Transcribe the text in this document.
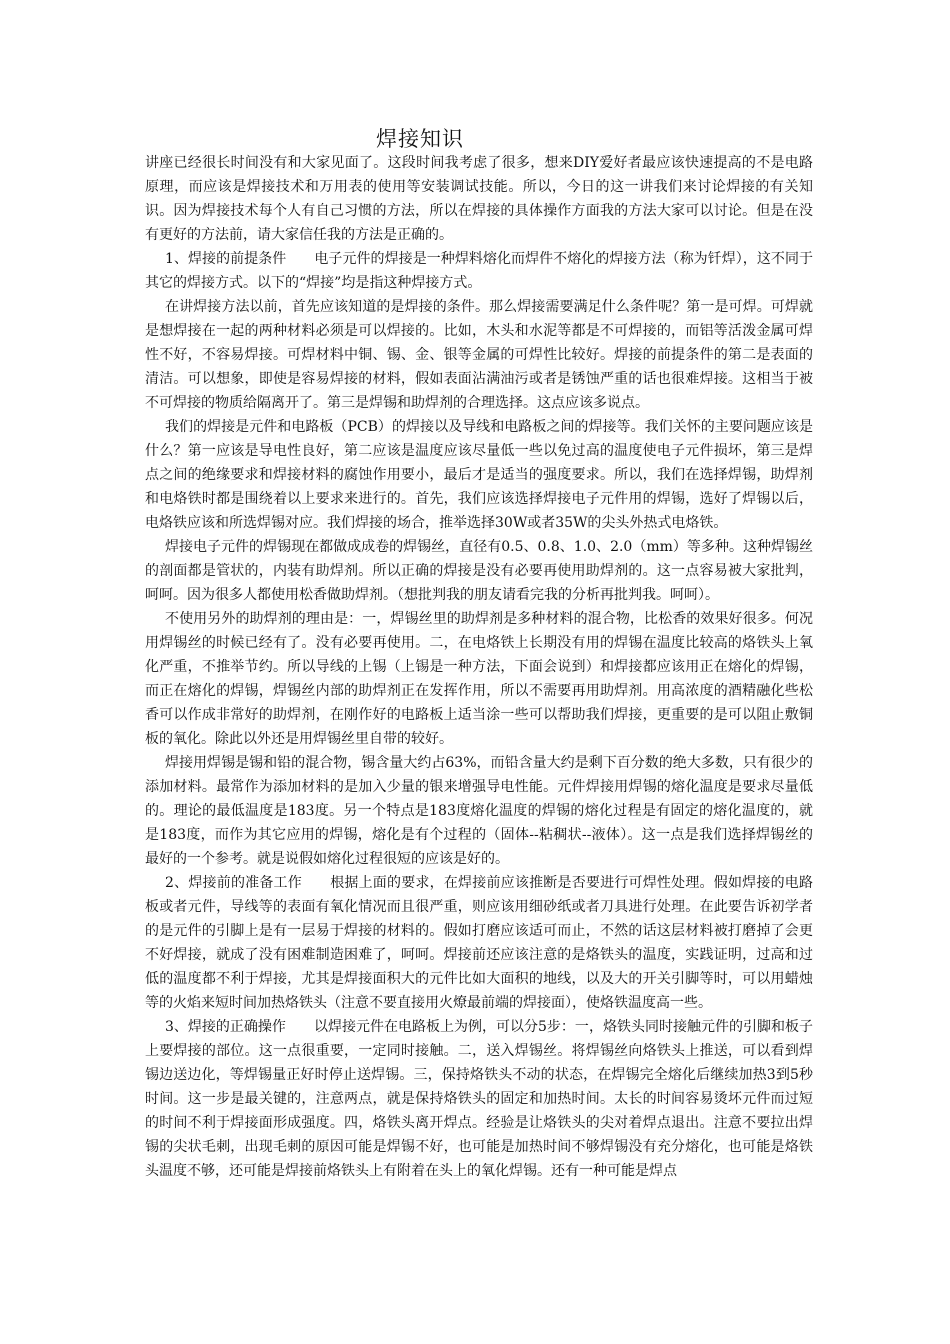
焊接知识

讲座已经很长时间没有和大家见面了。这段时间我考虑了很多，想来DIY爱好者最应该快速提高的不是电路原理，而应该是焊接技术和万用表的使用等安装调试技能。所以，今日的这一讲我们来讨论焊接的有关知识。因为焊接技术每个人有自己习惯的方法，所以在焊接的具体操作方面我的方法大家可以讨论。但是在没有更好的方法前，请大家信任我的方法是正确的。

1、焊接的前提条件 电子元件的焊接是一种焊料熔化而焊件不熔化的焊接方法（称为钎焊），这不同于其它的焊接方式。以下的“焊接”均是指这种焊接方式。

在讲焊接方法以前，首先应该知道的是焊接的条件。那么焊接需要满足什么条件呢？第一是可焊。可焊就是想焊接在一起的两种材料必须是可以焊接的。比如，木头和水泥等都是不可焊接的，而铝等活泼金属可焊性不好，不容易焊接。可焊材料中铜、锡、金、银等金属的可焊性比较好。焊接的前提条件的第二是表面的清洁。可以想象，即使是容易焊接的材料，假如表面沾满油污或者是锈蚀严重的话也很难焊接。这相当于被不可焊接的物质给隔离开了。第三是焊锡和助焊剂的合理选择。这点应该多说点。

我们的焊接是元件和电路板（PCB）的焊接以及导线和电路板之间的焊接等。我们关怀的主要问题应该是什么？第一应该是导电性良好，第二应该是温度应该尽量低一些以免过高的温度使电子元件损坏，第三是焊点之间的绝缘要求和焊接材料的腐蚀作用要小，最后才是适当的强度要求。所以，我们在选择焊锡，助焊剂和电烙铁时都是围绕着以上要求来进行的。首先，我们应该选择焊接电子元件用的焊锡，选好了焊锡以后，电烙铁应该和所选焊锡对应。我们焊接的场合，推举选择30W或者35W的尖头外热式电烙铁。

焊接电子元件的焊锡现在都做成成卷的焊锡丝，直径有0.5、0.8、1.0、2.0（mm）等多种。这种焊锡丝的剖面都是管状的，内装有助焊剂。所以正确的焊接是没有必要再使用助焊剂的。这一点容易被大家批判，呵呵。因为很多人都使用松香做助焊剂。（想批判我的朋友请看完我的分析再批判我。呵呵）。

不使用另外的助焊剂的理由是：一，焊锡丝里的助焊剂是多种材料的混合物，比松香的效果好很多。何况用焊锡丝的时候已经有了。没有必要再使用。二，在电烙铁上长期没有用的焊锡在温度比较高的烙铁头上氧化严重，不推举节约。所以导线的上锡（上锡是一种方法，下面会说到）和焊接都应该用正在熔化的焊锡，而正在熔化的焊锡，焊锡丝内部的助焊剂正在发挥作用，所以不需要再用助焊剂。用高浓度的酒精融化些松香可以作成非常好的助焊剂，在刚作好的电路板上适当涂一些可以帮助我们焊接，更重要的是可以阻止敷铜板的氧化。除此以外还是用焊锡丝里自带的较好。

焊接用焊锡是锡和铅的混合物，锡含量大约占63%，而铅含量大约是剩下百分数的绝大多数，只有很少的添加材料。最常作为添加材料的是加入少量的银来增强导电性能。元件焊接用焊锡的熔化温度是要求尽量低的。理论的最低温度是183度。另一个特点是183度熔化温度的焊锡的熔化过程是有固定的熔化温度的，就是183度，而作为其它应用的焊锡，熔化是有个过程的（固体--粘稠状--液体）。这一点是我们选择焊锡丝的最好的一个参考。就是说假如熔化过程很短的应该是好的。

2、焊接前的准备工作 根据上面的要求，在焊接前应该推断是否要进行可焊性处理。假如焊接的电路板或者元件，导线等的表面有氧化情况而且很严重，则应该用细砂纸或者刀具进行处理。在此要告诉初学者的是元件的引脚上是有一层易于焊接的材料的。假如打磨应该适可而止，不然的话这层材料被打磨掉了会更不好焊接，就成了没有困难制造困难了，呵呵。焊接前还应该注意的是烙铁头的温度，实践证明，过高和过低的温度都不利于焊接，尤其是焊接面积大的元件比如大面积的地线，以及大的开关引脚等时，可以用蜡烛等的火焰来短时间加热烙铁头（注意不要直接用火燎最前端的焊接面），使烙铁温度高一些。

3、焊接的正确操作 以焊接元件在电路板上为例，可以分5步：一，烙铁头同时接触元件的引脚和板子上要焊接的部位。这一点很重要，一定同时接触。二，送入焊锡丝。将焊锡丝向烙铁头上推送，可以看到焊锡边送边化，等焊锡量正好时停止送焊锡。三，保持烙铁头不动的状态，在焊锡完全熔化后继续加热3到5秒时间。这一步是最关键的，注意两点，就是保持烙铁头的固定和加热时间。太长的时间容易烫坏元件而过短的时间不利于焊接面形成强度。四，烙铁头离开焊点。经验是让烙铁头的尖对着焊点退出。注意不要拉出焊锡的尖状毛刺，出现毛刺的原因可能是焊锡不好，也可能是加热时间不够焊锡没有充分熔化，也可能是烙铁头温度不够，还可能是焊接前烙铁头上有附着在头上的氧化焊锡。还有一种可能是焊点
